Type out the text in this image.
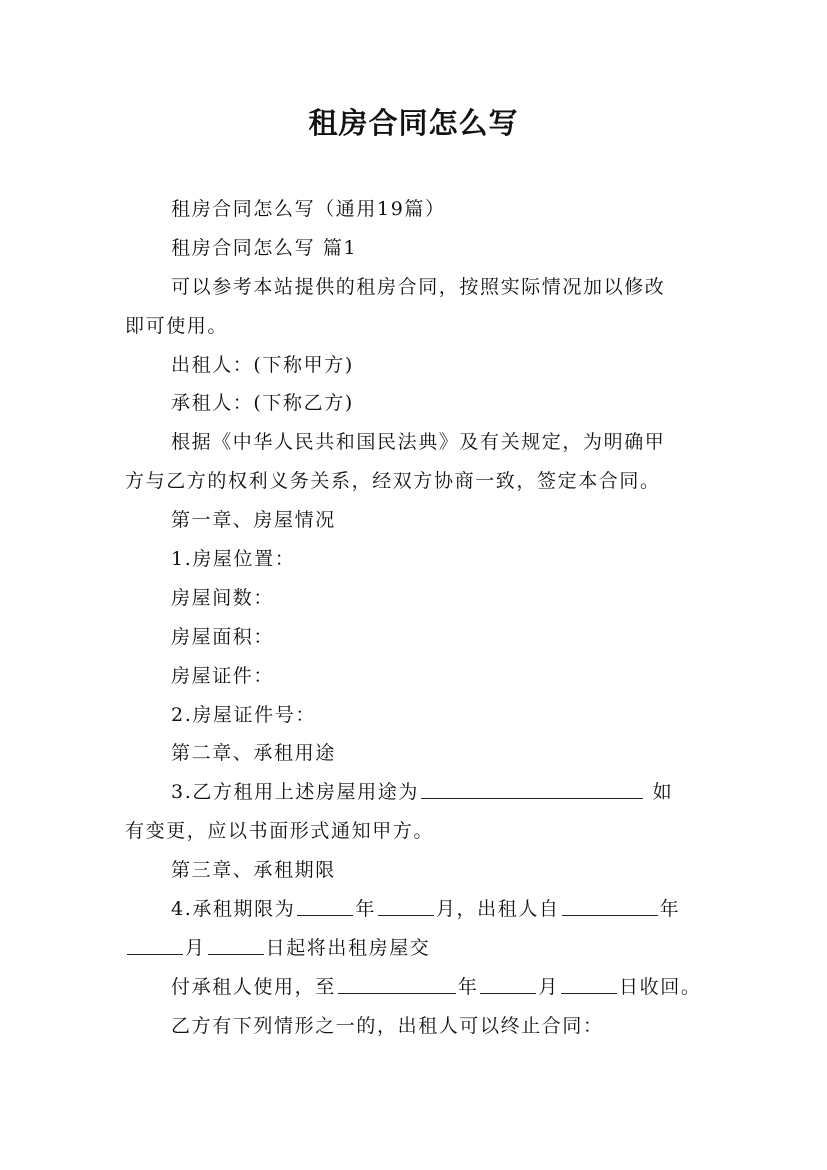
租房合同怎么写
租房合同怎么写（通用19篇）
租房合同怎么写 篇1
可以参考本站提供的租房合同，按照实际情况加以修改
即可使用。
出租人：(下称甲方)
承租人：(下称乙方)
根据《中华人民共和国民法典》及有关规定，为明确甲
方与乙方的权利义务关系，经双方协商一致，签定本合同。
第一章、房屋情况
1.房屋位置：
房屋间数：
房屋面积：
房屋证件：
2.房屋证件号：
第二章、承租用途
3.乙方租用上述房屋用途为	如
有变更，应以书面形式通知甲方。
第三章、承租期限
4.承租期限为	年	月，出租人自	年
月	日起将出租房屋交
付承租人使用，至	年	月	日收回。
乙方有下列情形之一的，出租人可以终止合同：
